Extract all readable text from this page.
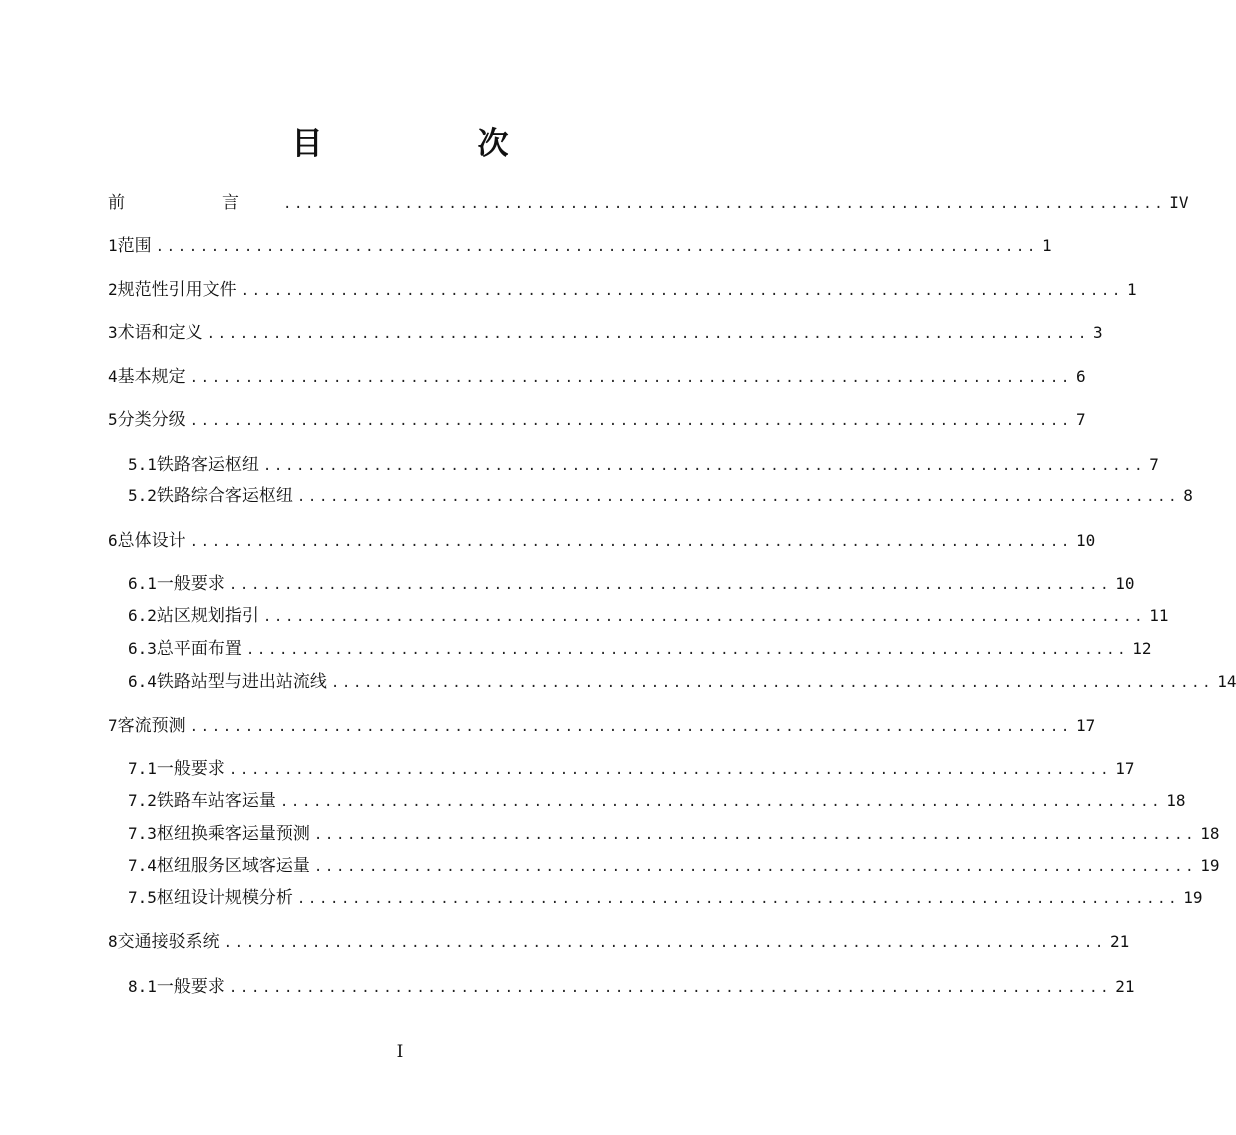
目　次
前　言 ................................................................................ IV
1 范围 ................................................................................ 1
2 规范性引用文件 ................................................................................ 1
3 术语和定义 ................................................................................ 3
4 基本规定 ................................................................................ 6
5 分类分级 ................................................................................ 7
5.1 铁路客运枢纽 ................................................................................ 7
5.2 铁路综合客运枢纽 ................................................................................ 8
6 总体设计 ................................................................................ 10
6.1 一般要求 ................................................................................ 10
6.2 站区规划指引 ................................................................................ 11
6.3 总平面布置 ................................................................................ 12
6.4 铁路站型与进出站流线 ................................................................................ 14
7 客流预测 ................................................................................ 17
7.1 一般要求 ................................................................................ 17
7.2 铁路车站客运量 ................................................................................ 18
7.3 枢纽换乘客运量预测 ................................................................................ 18
7.4 枢纽服务区域客运量 ................................................................................ 19
7.5 枢纽设计规模分析 ................................................................................ 19
8 交通接驳系统 ................................................................................ 21
8.1 一般要求 ................................................................................ 21
I
